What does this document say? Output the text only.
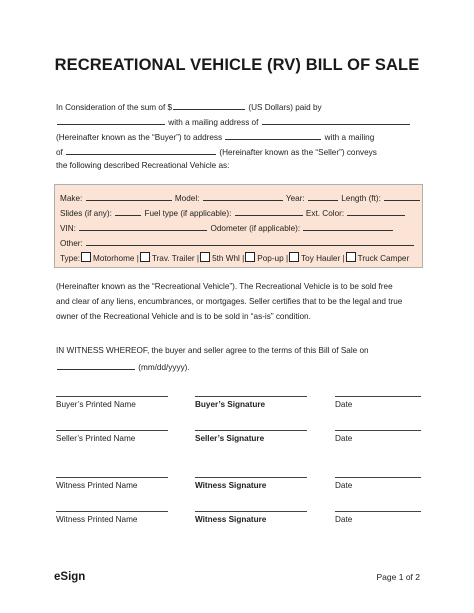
RECREATIONAL VEHICLE (RV) BILL OF SALE
In Consideration of the sum of $	(US Dollars) paid by
with a mailing address of
(Hereinafter known as the “Buyer”) to address	with a mailing
of	(Hereinafter known as the “Seller”) conveys
the following described Recreational Vehicle as:
Make:	Model:	Year:	Length (ft):
Slides (if any):	Fuel type (if applicable):	Ext. Color:
VIN:	Odometer (if applicable):
Other:
Type: Motorhome | Trav. Trailer | 5th Whl | Pop-up | Toy Hauler | Truck Camper
(Hereinafter known as the “Recreational Vehicle”). The Recreational Vehicle is to be sold free
and clear of any liens, encumbrances, or mortgages. Seller certifies that to be the legal and true
owner of the Recreational Vehicle and is to be sold in “as-is” condition.
IN WITNESS WHEREOF, the buyer and seller agree to the terms of this Bill of Sale on
(mm/dd/yyyy).
Buyer’s Printed Name	Buyer’s Signature	Date
Seller’s Printed Name	Seller’s Signature	Date
Witness Printed Name	Witness Signature	Date
Witness Printed Name	Witness Signature	Date
eSign	Page 1 of 2
